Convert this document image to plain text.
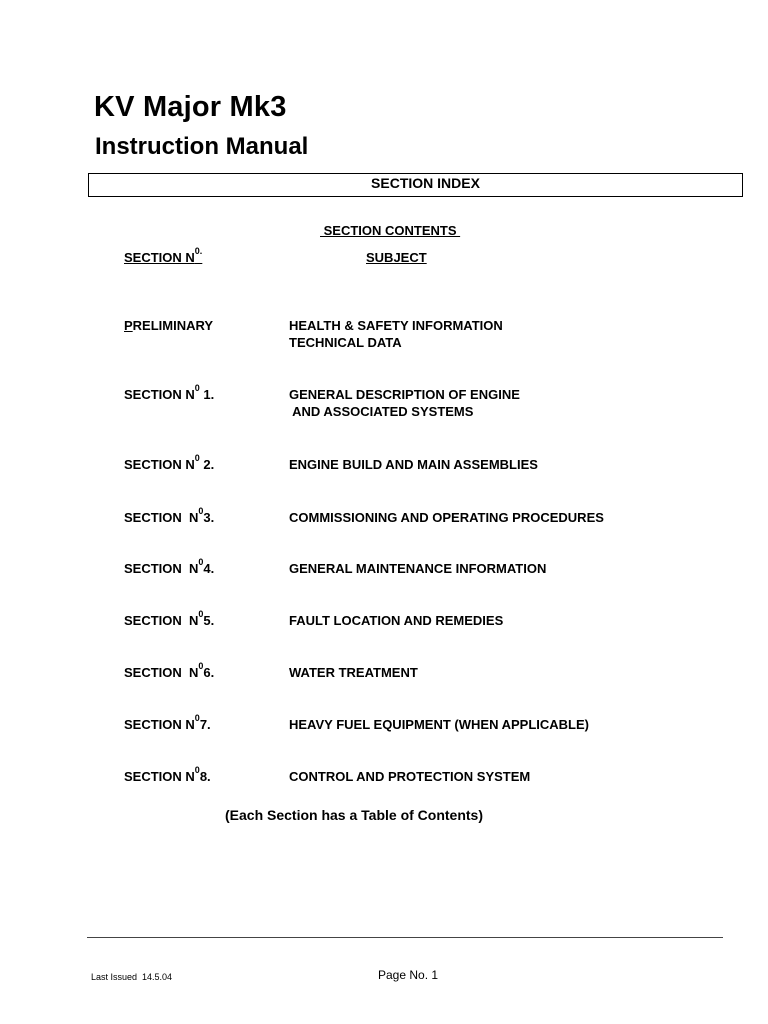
KV Major Mk3
Instruction Manual
SECTION INDEX
SECTION CONTENTS
SECTION $N^{0.}$	SUBJECT
PRELIMINARY	HEALTH & SAFETY INFORMATION
TECHNICAL DATA
SECTION $N^0$ 1.	GENERAL DESCRIPTION OF ENGINE
AND ASSOCIATED SYSTEMS
SECTION $N^0$ 2.	ENGINE BUILD AND MAIN ASSEMBLIES
SECTION  $N^03$.	COMMISSIONING AND OPERATING PROCEDURES
SECTION  $N^04$.	GENERAL MAINTENANCE INFORMATION
SECTION  $N^05$.	FAULT LOCATION AND REMEDIES
SECTION  $N^06$.	WATER TREATMENT
SECTION $N^07$.	HEAVY FUEL EQUIPMENT (WHEN APPLICABLE)
SECTION $N^08$.	CONTROL AND PROTECTION SYSTEM
(Each Section has a Table of Contents)
Last Issued  14.5.04	Page No. 1
